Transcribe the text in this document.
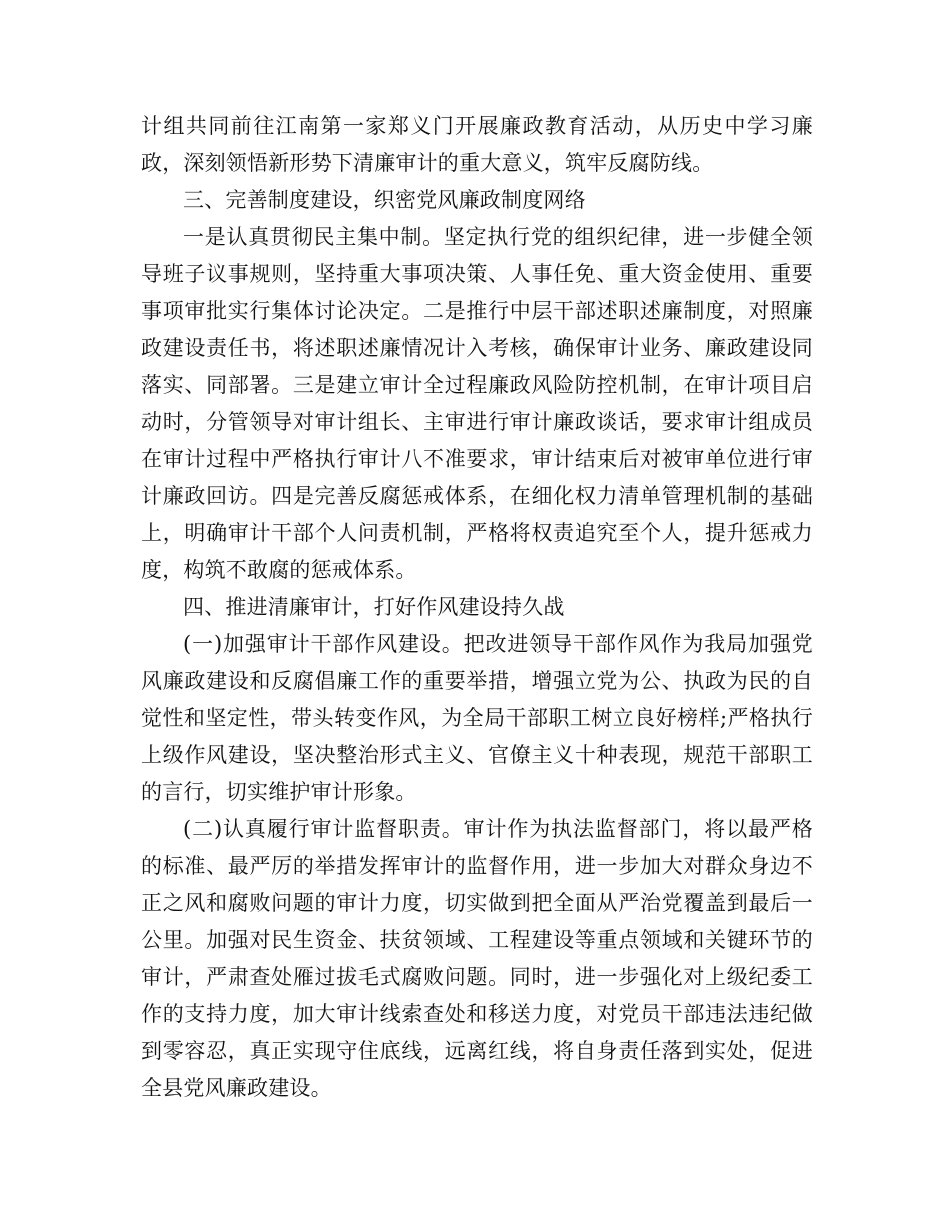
计组共同前往江南第一家郑义门开展廉政教育活动，从历史中学习廉政，深刻领悟新形势下清廉审计的重大意义，筑牢反腐防线。

三、完善制度建设，织密党风廉政制度网络

一是认真贯彻民主集中制。坚定执行党的组织纪律，进一步健全领导班子议事规则，坚持重大事项决策、人事任免、重大资金使用、重要事项审批实行集体讨论决定。二是推行中层干部述职述廉制度，对照廉政建设责任书，将述职述廉情况计入考核，确保审计业务、廉政建设同落实、同部署。三是建立审计全过程廉政风险防控机制，在审计项目启动时，分管领导对审计组长、主审进行审计廉政谈话，要求审计组成员在审计过程中严格执行审计八不准要求，审计结束后对被审单位进行审计廉政回访。四是完善反腐惩戒体系，在细化权力清单管理机制的基础上，明确审计干部个人问责机制，严格将权责追究至个人，提升惩戒力度，构筑不敢腐的惩戒体系。

四、推进清廉审计，打好作风建设持久战

(一)加强审计干部作风建设。把改进领导干部作风作为我局加强党风廉政建设和反腐倡廉工作的重要举措，增强立党为公、执政为民的自觉性和坚定性，带头转变作风，为全局干部职工树立良好榜样;严格执行上级作风建设，坚决整治形式主义、官僚主义十种表现，规范干部职工的言行，切实维护审计形象。

(二)认真履行审计监督职责。审计作为执法监督部门，将以最严格的标准、最严厉的举措发挥审计的监督作用，进一步加大对群众身边不正之风和腐败问题的审计力度，切实做到把全面从严治党覆盖到最后一公里。加强对民生资金、扶贫领域、工程建设等重点领域和关键环节的审计，严肃查处雁过拔毛式腐败问题。同时，进一步强化对上级纪委工作的支持力度，加大审计线索查处和移送力度，对党员干部违法违纪做到零容忍，真正实现守住底线，远离红线，将自身责任落到实处，促进全县党风廉政建设。
